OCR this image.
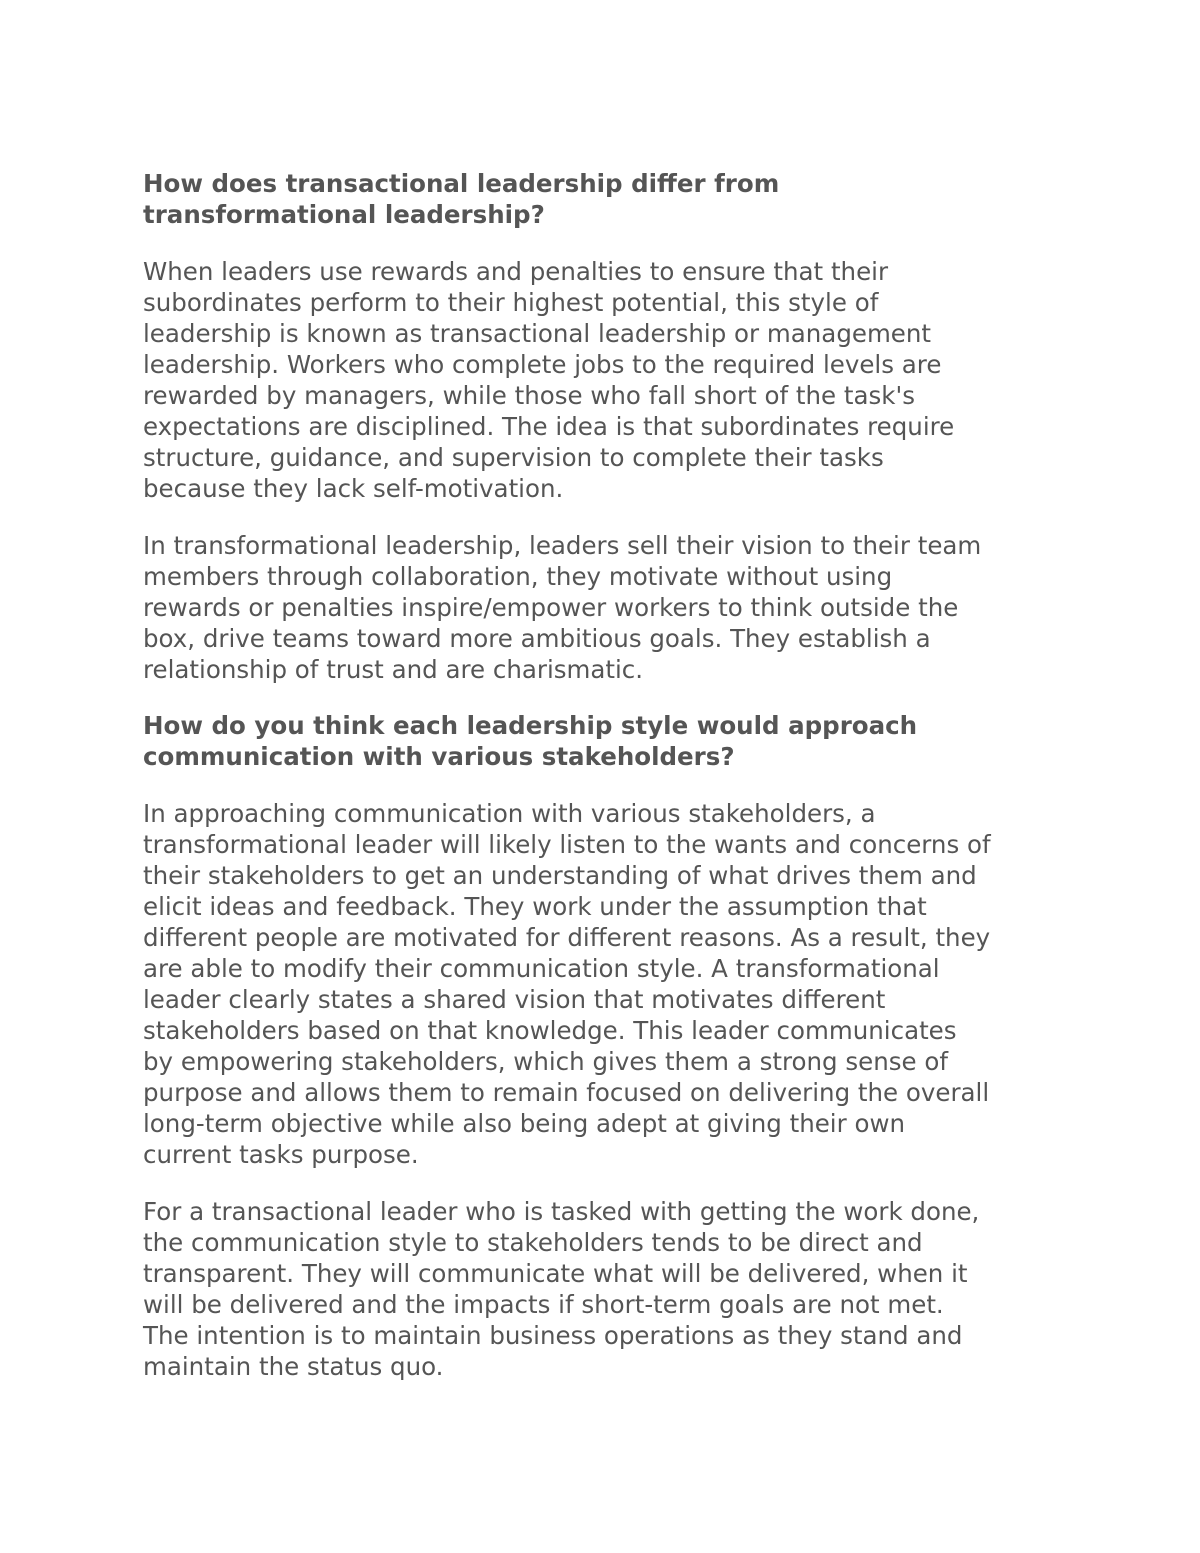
How does transactional leadership differ from
transformational leadership?

When leaders use rewards and penalties to ensure that their
subordinates perform to their highest potential, this style of
leadership is known as transactional leadership or management
leadership. Workers who complete jobs to the required levels are
rewarded by managers, while those who fall short of the task's
expectations are disciplined. The idea is that subordinates require
structure, guidance, and supervision to complete their tasks
because they lack self-motivation.

In transformational leadership, leaders sell their vision to their team
members through collaboration, they motivate without using
rewards or penalties inspire/empower workers to think outside the
box, drive teams toward more ambitious goals. They establish a
relationship of trust and are charismatic.

How do you think each leadership style would approach
communication with various stakeholders?

In approaching communication with various stakeholders, a
transformational leader will likely listen to the wants and concerns of
their stakeholders to get an understanding of what drives them and
elicit ideas and feedback. They work under the assumption that
different people are motivated for different reasons. As a result, they
are able to modify their communication style. A transformational
leader clearly states a shared vision that motivates different
stakeholders based on that knowledge. This leader communicates
by empowering stakeholders, which gives them a strong sense of
purpose and allows them to remain focused on delivering the overall
long-term objective while also being adept at giving their own
current tasks purpose.

For a transactional leader who is tasked with getting the work done,
the communication style to stakeholders tends to be direct and
transparent. They will communicate what will be delivered, when it
will be delivered and the impacts if short-term goals are not met.
The intention is to maintain business operations as they stand and
maintain the status quo.
